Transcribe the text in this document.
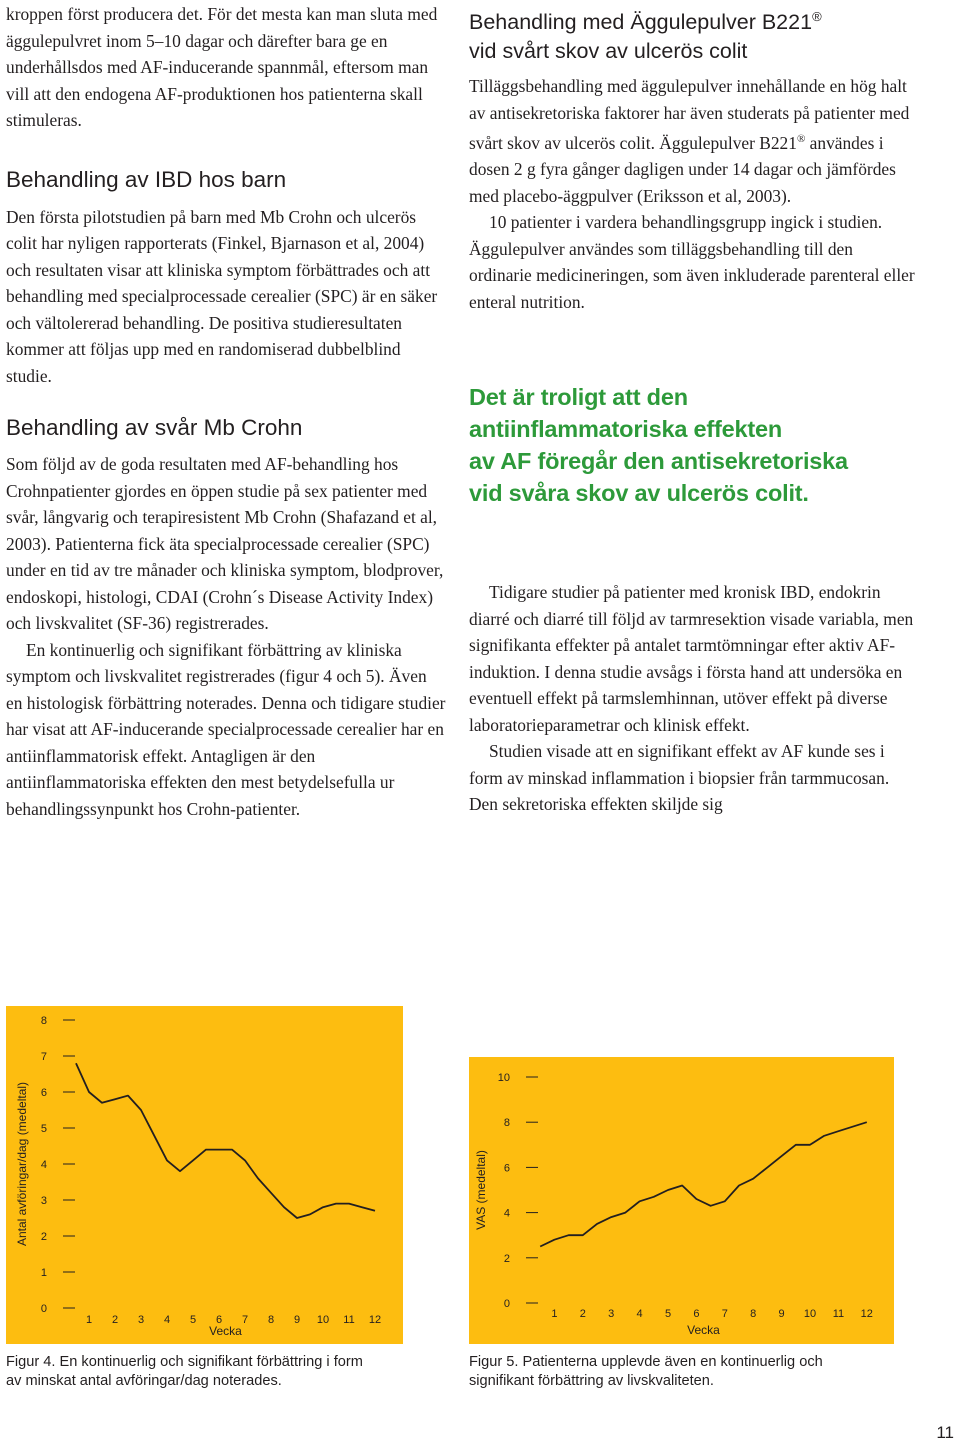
kroppen först producera det. För det mesta kan man sluta med äggulepulvret inom 5–10 dagar och därefter bara ge en underhållsdos med AF-inducerande spannmål, eftersom man vill att den endogena AF-produktionen hos patienterna skall stimuleras.

Behandling av IBD hos barn

Den första pilotstudien på barn med Mb Crohn och ulcerös colit har nyligen rapporterats (Finkel, Bjarnason et al, 2004) och resultaten visar att kliniska symptom förbättrades och att behandling med specialprocessade cerealier (SPC) är en säker och vältolererad behandling. De positiva studieresultaten kommer att följas upp med en randomiserad dubbelblind studie.

Behandling av svår Mb Crohn

Som följd av de goda resultaten med AF-behandling hos Crohnpatienter gjordes en öppen studie på sex patienter med svår, långvarig och terapiresistent Mb Crohn (Shafazand et al, 2003). Patienterna fick äta specialprocessade cerealier (SPC) under en tid av tre månader och kliniska symptom, blodprover, endoskopi, histologi, CDAI (Crohn´s Disease Activity Index) och livskvalitet (SF-36) registrerades.

En kontinuerlig och signifikant förbättring av kliniska symptom och livskvalitet registrerades (figur 4 och 5). Även en histologisk förbättring noterades. Denna och tidigare studier har visat att AF-inducerande specialprocessade cerealier har en antiinflammatorisk effekt. Antagligen är den antiinflammatoriska effekten den mest betydelsefulla ur behandlingssynpunkt hos Crohn-patienter.

Behandling med Äggulepulver B221®
vid svårt skov av ulcerös colit

Tilläggsbehandling med äggulepulver innehållande en hög halt av antisekretoriska faktorer har även studerats på patienter med svårt skov av ulcerös colit. Äggulepulver B221® användes i dosen 2 g fyra gånger dagligen under 14 dagar och jämfördes med placebo-äggpulver (Eriksson et al, 2003).

10 patienter i vardera behandlingsgrupp ingick i studien. Äggulepulver användes som tilläggsbehandling till den ordinarie medicineringen, som även inkluderade parenteral eller enteral nutrition.

Det är troligt att den

antiinflammatoriska effekten

av AF föregår den antisekretoriska

vid svåra skov av ulcerös colit.

Tidigare studier på patienter med kronisk IBD, endokrin diarré och diarré till följd av tarmresektion visade variabla, men signifikanta effekter på antalet tarmtömningar efter aktiv AF-induktion. I denna studie avsågs i första hand att undersöka en eventuell effekt på tarmslemhinnan, utöver effekt på diverse laboratorieparametrar och klinisk effekt.

Studien visade att en signifikant effekt av AF kunde ses i form av minskad inflammation i biopsier från tarmmucosan. Den sekretoriska effekten skiljde sig

0
1
2
3
4
5
6
7
8
1 2 3 4 5 6 7 8 9 10 11 12
Vecka
Antal avföringar/dag (medeltal)
Figur 4. En kontinuerlig och signifikant förbättring i form
av minskat antal avföringar/dag noterades.
0
2
4
6
8
10
1 2 3 4 5 6 7 8 9 10 11 12
Vecka
VAS (medeltal)
Figur 5. Patienterna upplevde även en kontinuerlig och
signifikant förbättring av livskvaliteten.
11
